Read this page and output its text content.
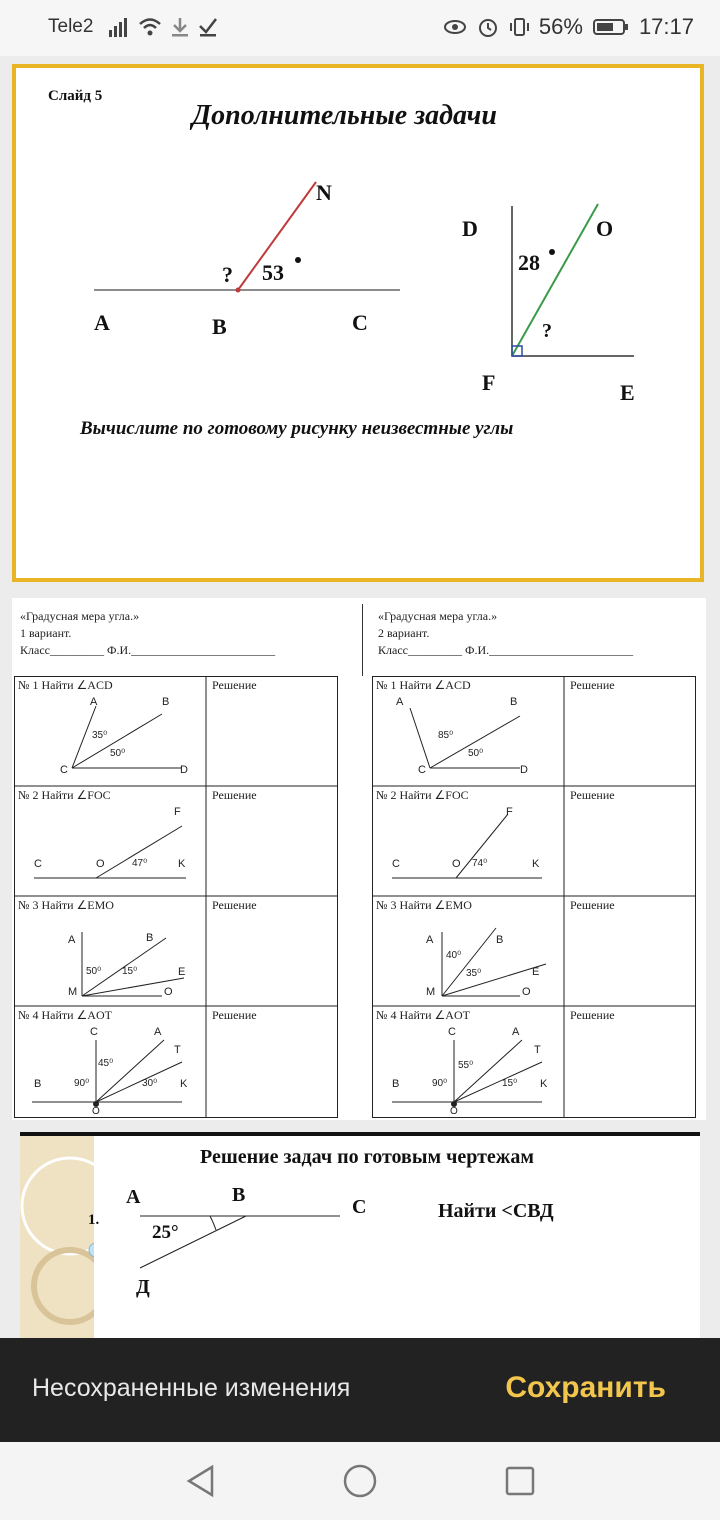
Tele2	56%	17:17
Слайд 5
Дополнительные задачи
N
A	B	C
? 53
D	O
F	E
?
28
Вычислите по готовому рисунку неизвестные углы
«Градусная мера угла.»
1 вариант.
Класс_________ Ф.И.________________________
«Градусная мера угла.»
2 вариант.
Класс_________ Ф.И.________________________
№ 1 Найти ∠ACD	Решение
№ 2 Найти ∠FOC	Решение
№ 3 Найти ∠EMO	Решение
№ 4 Найти ∠AOT	Решение
A	B
C	D
35⁰
50⁰
F
C	O	47⁰	K
A	B
E
M	O
50⁰ 15⁰
C	A
T
B	K
O
45⁰
90⁰	30⁰
№ 1 Найти ∠ACD	Решение
№ 2 Найти ∠FOC	Решение
№ 3 Найти ∠EMO	Решение
№ 4 Найти ∠AOT	Решение
A	B
C	D
85⁰
50⁰
F
C	O 74⁰	K
A	B
E
M	O
40⁰
35⁰
C	A
T
B	K
O
55⁰
90⁰	15⁰
Решение задач по готовым чертежам
1.
А	В
С
Д
25°
Найти <СВД
Несохраненные изменения	Сохранить
